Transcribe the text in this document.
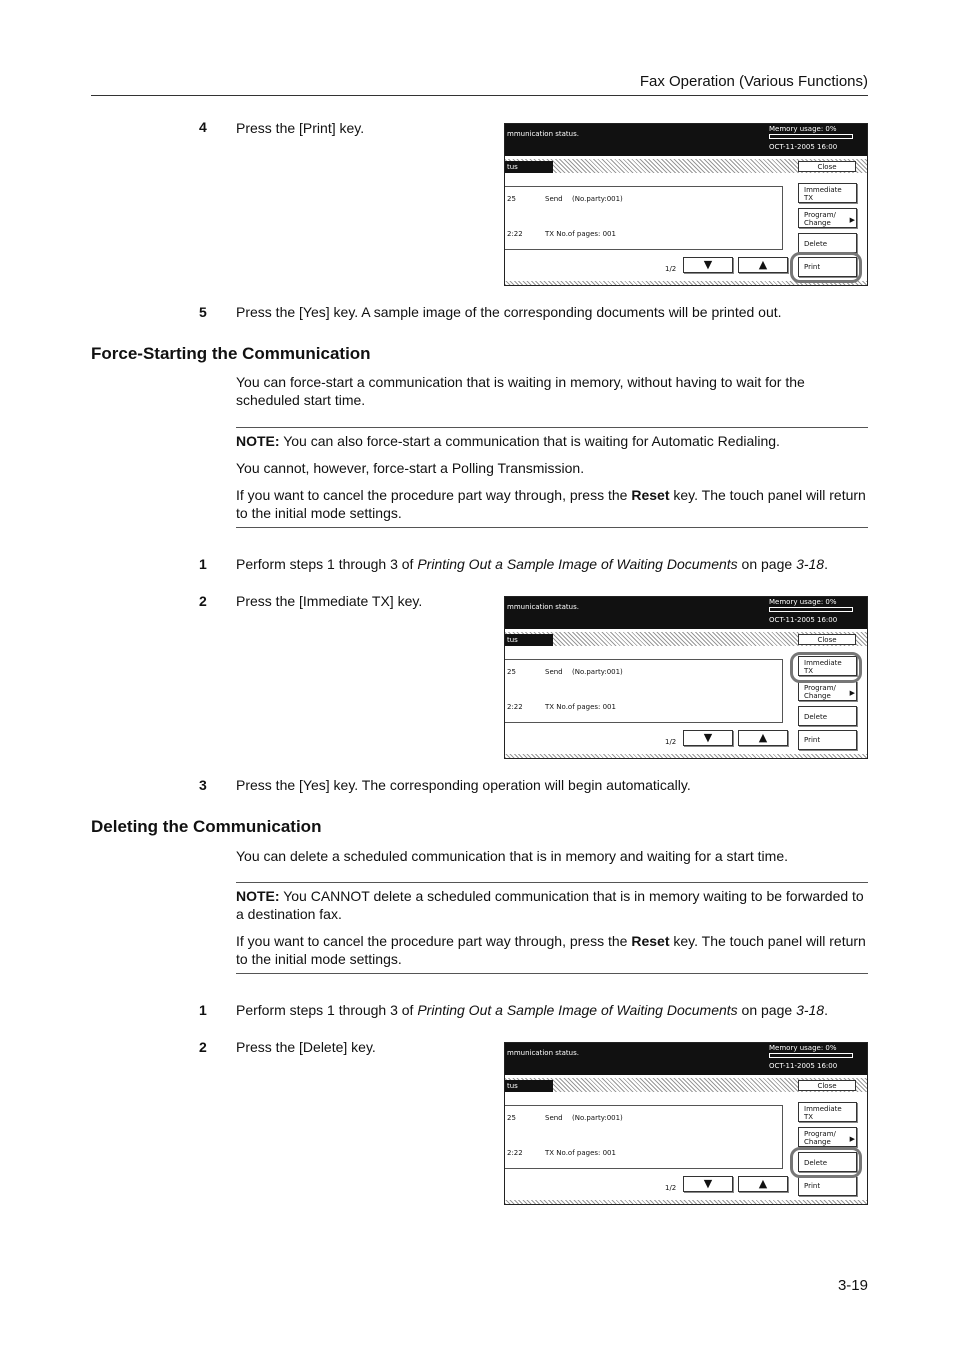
Fax Operation (Various Functions)
4 Press the [Print] key.	mmunication status.
Memory usage: 0%
OCT-11-2005 16:00
tus	Close
25	Send (No.party:001)
2:22	TX No.of pages: 001
Immediate
TX
Program/
Change	▶
Delete
Print
1/2	▼	▲
5 Press the [Yes] key. A sample image of the corresponding documents will be printed out.
Force-Starting the Communication
You can force-start a communication that is waiting in memory, without having to wait for the scheduled start time.

NOTE: You can also force-start a communication that is waiting for Automatic Redialing.

You cannot, however, force-start a Polling Transmission.

If you want to cancel the procedure part way through, press the Reset key. The touch panel will return to the initial mode settings.

1 Perform steps 1 through 3 of Printing Out a Sample Image of Waiting Documents on page 3-18.
2 Press the [Immediate TX] key.	mmunication status.
Memory usage: 0%
OCT-11-2005 16:00
tus	Close
25	Send (No.party:001)
2:22	TX No.of pages: 001
Immediate
TX
Program/
Change	▶
Delete
Print
1/2	▼	▲
3 Press the [Yes] key. The corresponding operation will begin automatically.
Deleting the Communication
You can delete a scheduled communication that is in memory and waiting for a start time.

NOTE: You CANNOT delete a scheduled communication that is in memory waiting to be forwarded to a destination fax.

If you want to cancel the procedure part way through, press the Reset key. The touch panel will return to the initial mode settings.

1 Perform steps 1 through 3 of Printing Out a Sample Image of Waiting Documents on page 3-18.
2 Press the [Delete] key.	mmunication status.
Memory usage: 0%
OCT-11-2005 16:00
tus	Close
25	Send (No.party:001)
2:22	TX No.of pages: 001
Immediate
TX
Program/
Change	▶
Delete
Print
1/2	▼	▲
3-19
